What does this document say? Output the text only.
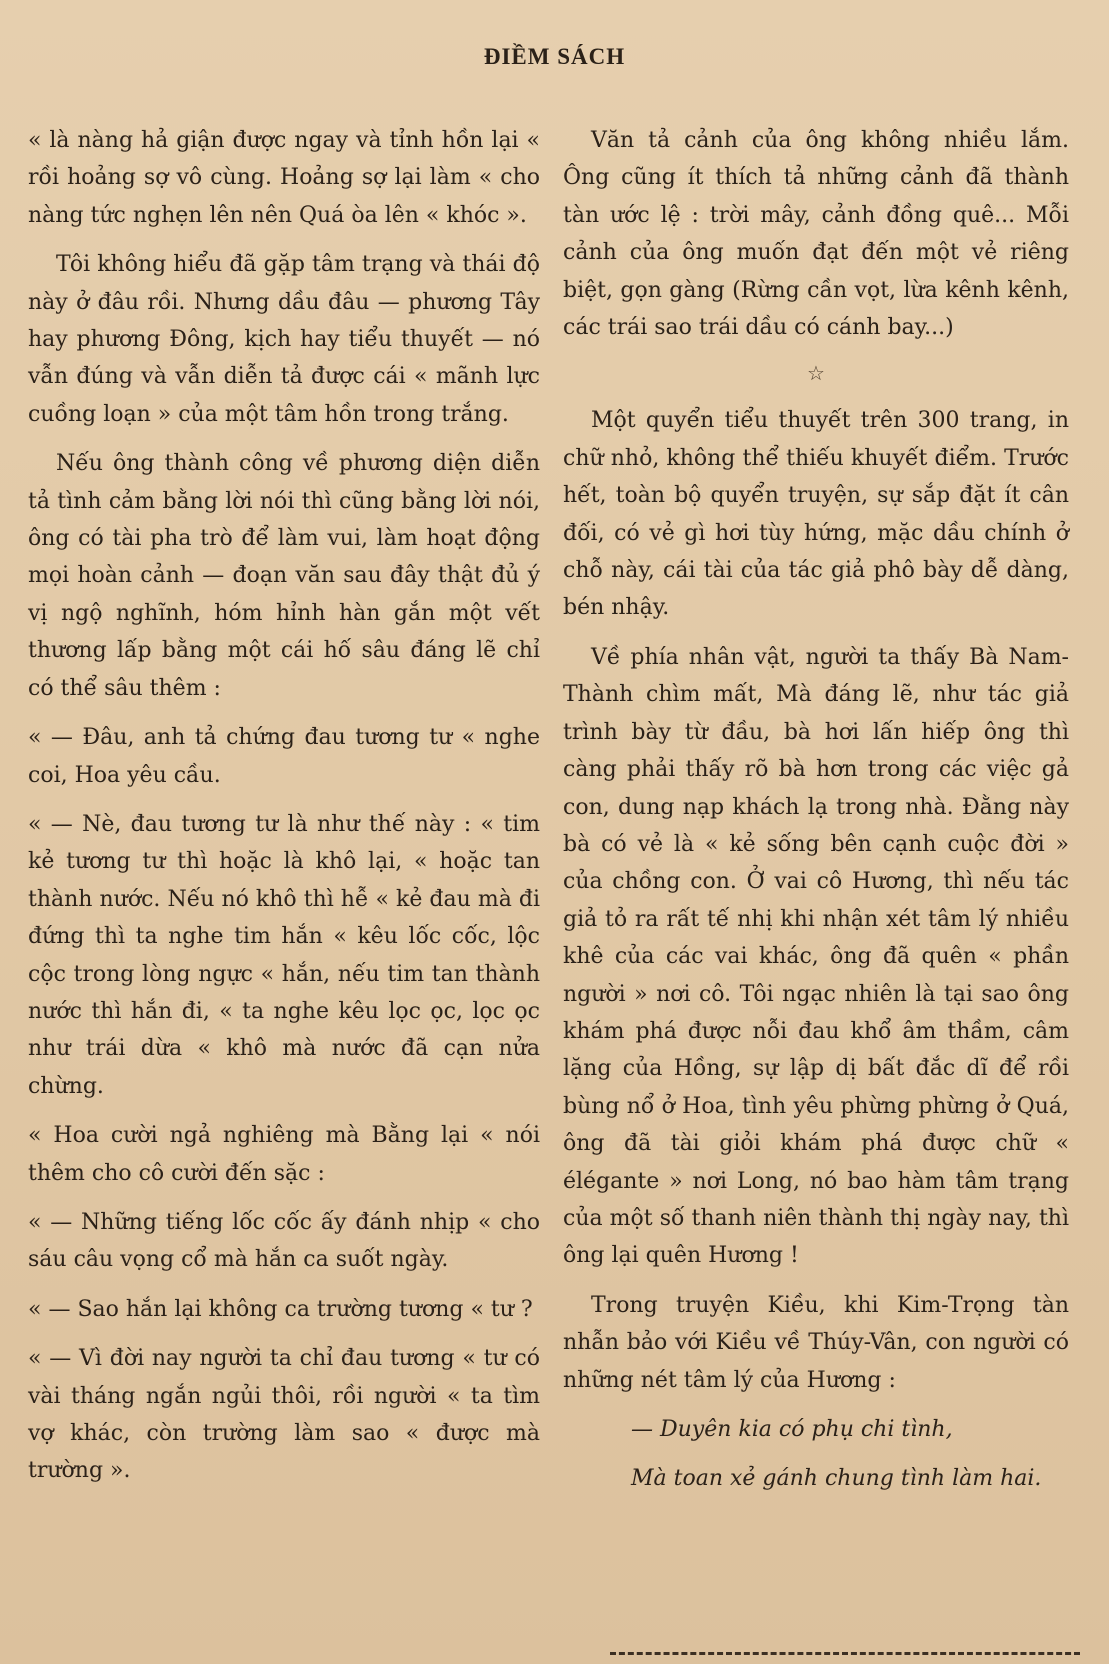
ĐIỀM SÁCH

« là nàng hả giận được ngay và tỉnh hồn lại « rồi hoảng sợ vô cùng. Hoảng sợ lại làm « cho nàng tức nghẹn lên nên Quá òa lên « khóc ».

Tôi không hiểu đã gặp tâm trạng và thái độ này ở đâu rồi. Nhưng dầu đâu — phương Tây hay phương Đông, kịch hay tiểu thuyết — nó vẫn đúng và vẫn diễn tả được cái « mãnh lực cuồng loạn » của một tâm hồn trong trắng.

Nếu ông thành công về phương diện diễn tả tình cảm bằng lời nói thì cũng bằng lời nói, ông có tài pha trò để làm vui, làm hoạt động mọi hoàn cảnh — đoạn văn sau đây thật đủ ý vị ngộ nghĩnh, hóm hỉnh hàn gắn một vết thương lấp bằng một cái hố sâu đáng lẽ chỉ có thể sâu thêm :

« — Đâu, anh tả chứng đau tương tư « nghe coi, Hoa yêu cầu.

« — Nè, đau tương tư là như thế này : « tim kẻ tương tư thì hoặc là khô lại, « hoặc tan thành nước. Nếu nó khô thì hễ « kẻ đau mà đi đứng thì ta nghe tim hắn « kêu lốc cốc, lộc cộc trong lòng ngực « hắn, nếu tim tan thành nước thì hắn đi, « ta nghe kêu lọc ọc, lọc ọc như trái dừa « khô mà nước đã cạn nửa chừng.

« Hoa cười ngả nghiêng mà Bằng lại « nói thêm cho cô cười đến sặc :

« — Những tiếng lốc cốc ấy đánh nhịp « cho sáu câu vọng cổ mà hắn ca suốt ngày.

« — Sao hắn lại không ca trường tương « tư ?

« — Vì đời nay người ta chỉ đau tương « tư có vài tháng ngắn ngủi thôi, rồi người « ta tìm vợ khác, còn trường làm sao « được mà trường ».

Văn tả cảnh của ông không nhiều lắm. Ông cũng ít thích tả những cảnh đã thành tàn ước lệ : trời mây, cảnh đồng quê... Mỗi cảnh của ông muốn đạt đến một vẻ riêng biệt, gọn gàng (Rừng cần vọt, lừa kênh kênh, các trái sao trái dầu có cánh bay...)

☆

Một quyển tiểu thuyết trên 300 trang, in chữ nhỏ, không thể thiếu khuyết điểm. Trước hết, toàn bộ quyển truyện, sự sắp đặt ít cân đối, có vẻ gì hơi tùy hứng, mặc dầu chính ở chỗ này, cái tài của tác giả phô bày dễ dàng, bén nhậy.

Về phía nhân vật, người ta thấy Bà Nam-Thành chìm mất, Mà đáng lẽ, như tác giả trình bày từ đầu, bà hơi lấn hiếp ông thì càng phải thấy rõ bà hơn trong các việc gả con, dung nạp khách lạ trong nhà. Đằng này bà có vẻ là « kẻ sống bên cạnh cuộc đời » của chồng con. Ở vai cô Hương, thì nếu tác giả tỏ ra rất tế nhị khi nhận xét tâm lý nhiều khê của các vai khác, ông đã quên « phần người » nơi cô. Tôi ngạc nhiên là tại sao ông khám phá được nỗi đau khổ âm thầm, câm lặng của Hồng, sự lập dị bất đắc dĩ để rồi bùng nổ ở Hoa, tình yêu phừng phừng ở Quá, ông đã tài giỏi khám phá được chữ « élégante » nơi Long, nó bao hàm tâm trạng của một số thanh niên thành thị ngày nay, thì ông lại quên Hương !

Trong truyện Kiều, khi Kim-Trọng tàn nhẫn bảo với Kiều về Thúy-Vân, con người có những nét tâm lý của Hương :

— Duyên kia có phụ chi tình,

Mà toan xẻ gánh chung tình làm hai.
